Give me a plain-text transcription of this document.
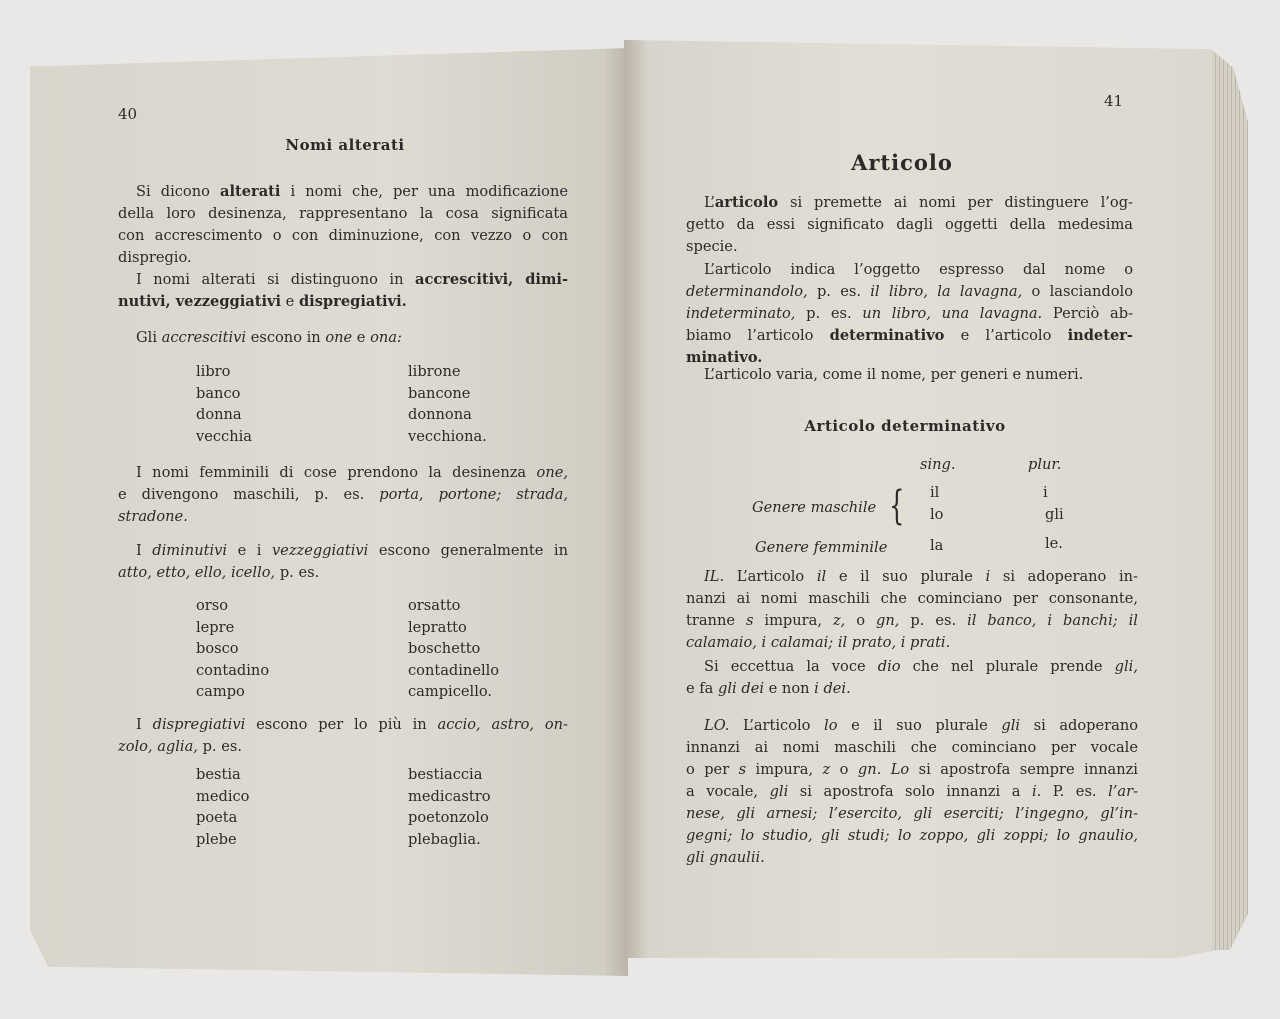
40
Nomi alterati
Si dicono alterati i nomi che, per una modificazione
della loro desinenza, rappresentano la cosa significata
con accrescimento o con diminuzione, con vezzo o con
dispregio.
I nomi alterati si distinguono in accrescitivi, dimi-
nutivi, vezzeggiativi e dispregiativi.
Gli accrescitivi escono in one e ona:
libro	librone
banco	bancone
donna	donnona
vecchia	vecchiona.
I nomi femminili di cose prendono la desinenza one,
e divengono maschili, p. es. porta, portone; strada,
stradone.
I diminutivi e i vezzeggiativi escono generalmente in
atto, etto, ello, icello, p. es.
orso	orsatto
lepre	lepratto
bosco	boschetto
contadino	contadinello
campo	campicello.
I dispregiativi escono per lo più in accio, astro, on-
zolo, aglia, p. es.
bestia	bestiaccia
medico	medicastro
poeta	poetonzolo
plebe	plebaglia.
41
Articolo
L’articolo si premette ai nomi per distinguere l’og-
getto da essi significato dagli oggetti della medesima
specie.
L’articolo indica l’oggetto espresso dal nome o
determinandolo, p. es. il libro, la lavagna, o lasciandolo
indeterminato, p. es. un libro, una lavagna. Perciò ab-
biamo l’articolo determinativo e l’articolo indeter-
minativo.
L’articolo varia, come il nome, per generi e numeri.
Articolo determinativo
sing.	plur.
Genere maschile { il	i
lo	gli
Genere femminile	la	le.
IL. L’articolo il e il suo plurale i si adoperano in-
nanzi ai nomi maschili che cominciano per consonante,
tranne s impura, z, o gn, p. es. il banco, i banchi; il
calamaio, i calamai; il prato, i prati.
Si eccettua la voce dio che nel plurale prende gli,
e fa gli dei e non i dei.
LO. L’articolo lo e il suo plurale gli si adoperano
innanzi ai nomi maschili che cominciano per vocale
o per s impura, z o gn. Lo si apostrofa sempre innanzi
a vocale, gli si apostrofa solo innanzi a i. P. es. l’ar-
nese, gli arnesi; l’esercito, gli eserciti; l’ingegno, gl’in-
gegni; lo studio, gli studi; lo zoppo, gli zoppi; lo gnaulio,
gli gnaulii.
